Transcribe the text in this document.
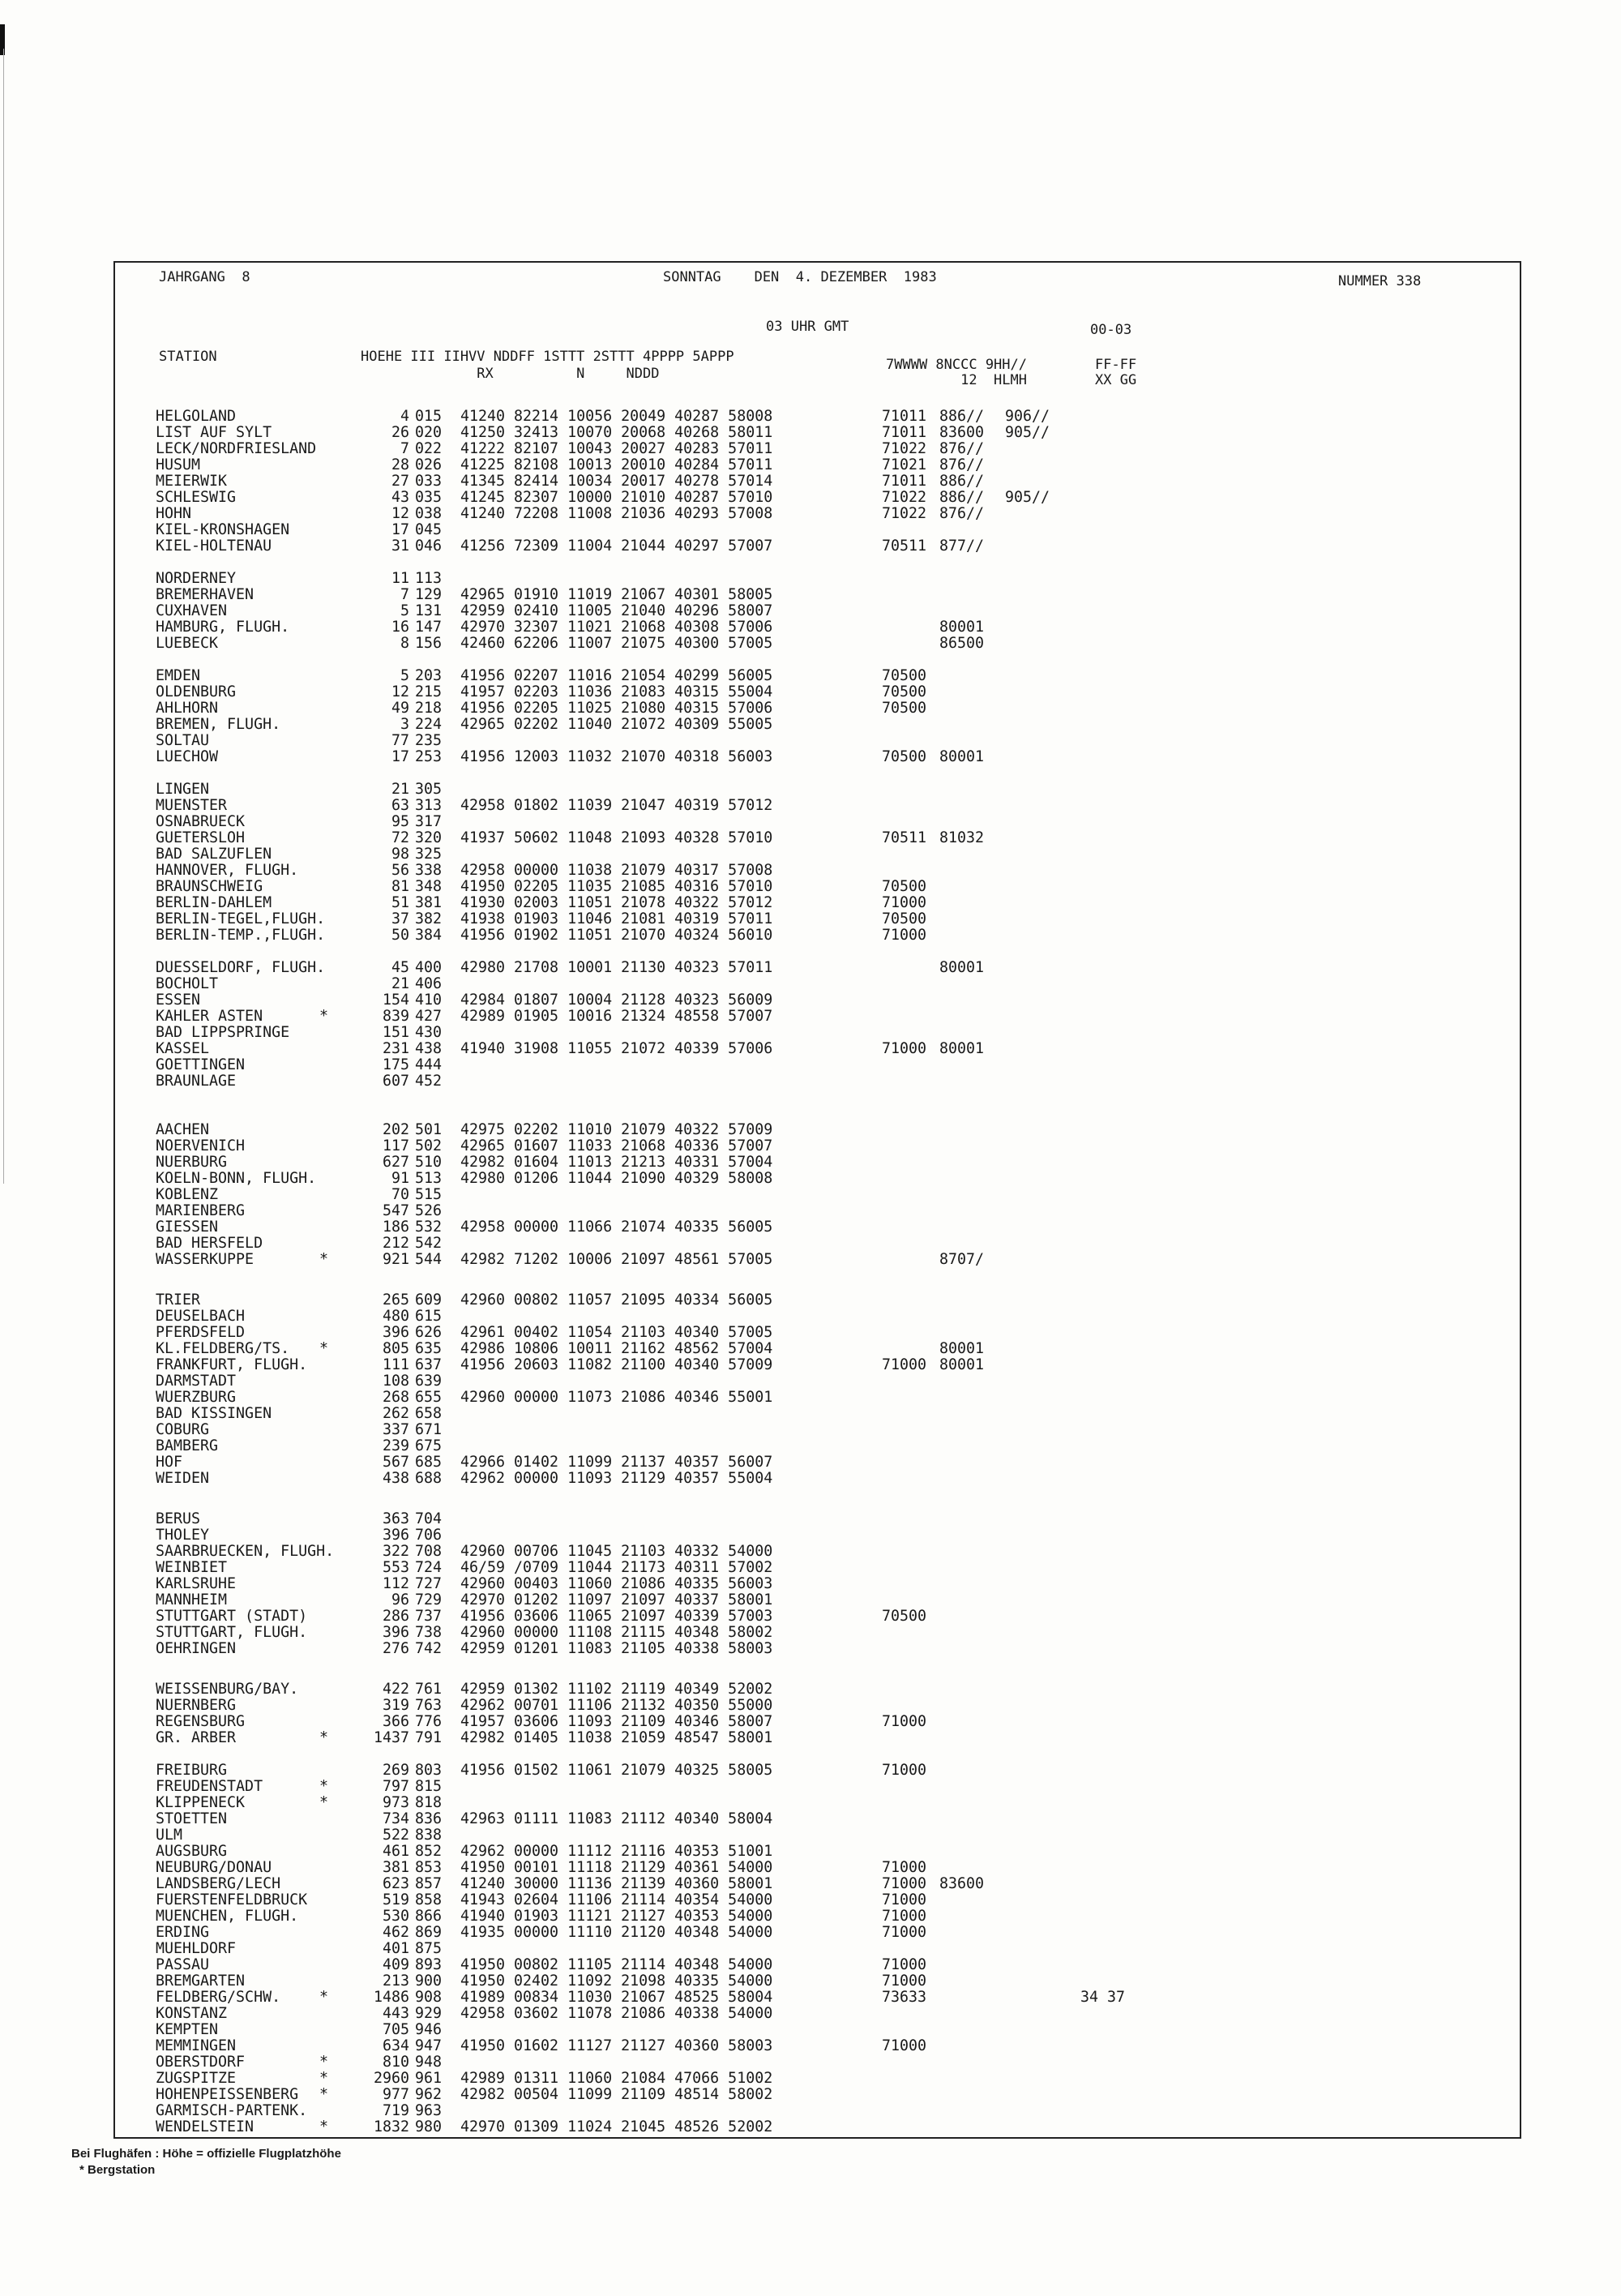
JAHRGANG  8	SONNTAG    DEN  4. DEZEMBER  1983	NUMMER 338
03 UHR GMT	00-03
STATION	HOEHE III IIHVV NDDFF 1STTT 2STTT 4PPPP 5APPP
RX          N     NDDD
7WWWW 8NCCC 9HH//
12  HLMH
FF-FF
XX GG
HELGOLAND	4 015 41240 82214 10056 20049 40287 58008	71011 886// 906//
LIST AUF SYLT	26 020 41250 32413 10070 20068 40268 58011	71011 83600 905//
LECK/NORDFRIESLAND	7 022 41222 82107 10043 20027 40283 57011	71022 876//
HUSUM	28 026 41225 82108 10013 20010 40284 57011	71021 876//
MEIERWIK	27 033 41345 82414 10034 20017 40278 57014	71011 886//
SCHLESWIG	43 035 41245 82307 10000 21010 40287 57010	71022 886// 905//
HOHN	12 038 41240 72208 11008 21036 40293 57008	71022 876//
KIEL-KRONSHAGEN	17 045
KIEL-HOLTENAU	31 046 41256 72309 11004 21044 40297 57007	70511 877//
NORDERNEY	11 113
BREMERHAVEN	7 129 42965 01910 11019 21067 40301 58005
CUXHAVEN	5 131 42959 02410 11005 21040 40296 58007
HAMBURG, FLUGH.	16 147 42970 32307 11021 21068 40308 57006	80001
LUEBECK	8 156 42460 62206 11007 21075 40300 57005	86500
EMDEN	5 203 41956 02207 11016 21054 40299 56005	70500
OLDENBURG	12 215 41957 02203 11036 21083 40315 55004	70500
AHLHORN	49 218 41956 02205 11025 21080 40315 57006	70500
BREMEN, FLUGH.	3 224 42965 02202 11040 21072 40309 55005
SOLTAU	77 235
LUECHOW	17 253 41956 12003 11032 21070 40318 56003	70500 80001
LINGEN	21 305
MUENSTER	63 313 42958 01802 11039 21047 40319 57012
OSNABRUECK	95 317
GUETERSLOH	72 320 41937 50602 11048 21093 40328 57010	70511 81032
BAD SALZUFLEN	98 325
HANNOVER, FLUGH.	56 338 42958 00000 11038 21079 40317 57008
BRAUNSCHWEIG	81 348 41950 02205 11035 21085 40316 57010	70500
BERLIN-DAHLEM	51 381 41930 02003 11051 21078 40322 57012	71000
BERLIN-TEGEL,FLUGH.	37 382 41938 01903 11046 21081 40319 57011	70500
BERLIN-TEMP.,FLUGH.	50 384 41956 01902 11051 21070 40324 56010	71000
DUESSELDORF, FLUGH.	45 400 42980 21708 10001 21130 40323 57011	80001
BOCHOLT	21 406
ESSEN	154 410 42984 01807 10004 21128 40323 56009
KAHLER ASTEN	*	839 427 42989 01905 10016 21324 48558 57007
BAD LIPPSPRINGE	151 430
KASSEL	231 438 41940 31908 11055 21072 40339 57006	71000 80001
GOETTINGEN	175 444
BRAUNLAGE	607 452
AACHEN	202 501 42975 02202 11010 21079 40322 57009
NOERVENICH	117 502 42965 01607 11033 21068 40336 57007
NUERBURG	627 510 42982 01604 11013 21213 40331 57004
KOELN-BONN, FLUGH.	91 513 42980 01206 11044 21090 40329 58008
KOBLENZ	70 515
MARIENBERG	547 526
GIESSEN	186 532 42958 00000 11066 21074 40335 56005
BAD HERSFELD	212 542
WASSERKUPPE	*	921 544 42982 71202 10006 21097 48561 57005	8707/
TRIER	265 609 42960 00802 11057 21095 40334 56005
DEUSELBACH	480 615
PFERDSFELD	396 626 42961 00402 11054 21103 40340 57005
KL.FELDBERG/TS. *	805 635 42986 10806 10011 21162 48562 57004	80001
FRANKFURT, FLUGH.	111 637 41956 20603 11082 21100 40340 57009	71000 80001
DARMSTADT	108 639
WUERZBURG	268 655 42960 00000 11073 21086 40346 55001
BAD KISSINGEN	262 658
COBURG	337 671
BAMBERG	239 675
HOF	567 685 42966 01402 11099 21137 40357 56007
WEIDEN	438 688 42962 00000 11093 21129 40357 55004
BERUS	363 704
THOLEY	396 706
SAARBRUECKEN, FLUGH.	322 708 42960 00706 11045 21103 40332 54000
WEINBIET	553 724 46/59 /0709 11044 21173 40311 57002
KARLSRUHE	112 727 42960 00403 11060 21086 40335 56003
MANNHEIM	96 729 42970 01202 11097 21097 40337 58001
STUTTGART (STADT)	286 737 41956 03606 11065 21097 40339 57003	70500
STUTTGART, FLUGH.	396 738 42960 00000 11108 21115 40348 58002
OEHRINGEN	276 742 42959 01201 11083 21105 40338 58003
WEISSENBURG/BAY.	422 761 42959 01302 11102 21119 40349 52002
NUERNBERG	319 763 42962 00701 11106 21132 40350 55000
REGENSBURG	366 776 41957 03606 11093 21109 40346 58007	71000
GR. ARBER	*	1437 791 42982 01405 11038 21059 48547 58001
FREIBURG	269 803 41956 01502 11061 21079 40325 58005	71000
FREUDENSTADT	*	797 815
KLIPPENECK	*	973 818
STOETTEN	734 836 42963 01111 11083 21112 40340 58004
ULM	522 838
AUGSBURG	461 852 42962 00000 11112 21116 40353 51001
NEUBURG/DONAU	381 853 41950 00101 11118 21129 40361 54000	71000
LANDSBERG/LECH	623 857 41240 30000 11136 21139 40360 58001	71000 83600
FUERSTENFELDBRUCK	519 858 41943 02604 11106 21114 40354 54000	71000
MUENCHEN, FLUGH.	530 866 41940 01903 11121 21127 40353 54000	71000
ERDING	462 869 41935 00000 11110 21120 40348 54000	71000
MUEHLDORF	401 875
PASSAU	409 893 41950 00802 11105 21114 40348 54000	71000
BREMGARTEN	213 900 41950 02402 11092 21098 40335 54000	71000
FELDBERG/SCHW.	*	1486 908 41989 00834 11030 21067 48525 58004	73633	34 37
KONSTANZ	443 929 42958 03602 11078 21086 40338 54000
KEMPTEN	705 946
MEMMINGEN	634 947 41950 01602 11127 21127 40360 58003	71000
OBERSTDORF	*	810 948
ZUGSPITZE	*	2960 961 42989 01311 11060 21084 47066 51002
HOHENPEISSENBERG *	977 962 42982 00504 11099 21109 48514 58002
GARMISCH-PARTENK.	719 963
WENDELSTEIN	*	1832 980 42970 01309 11024 21045 48526 52002
Bei Flughäfen : Höhe = offizielle Flugplatzhöhe
* Bergstation
